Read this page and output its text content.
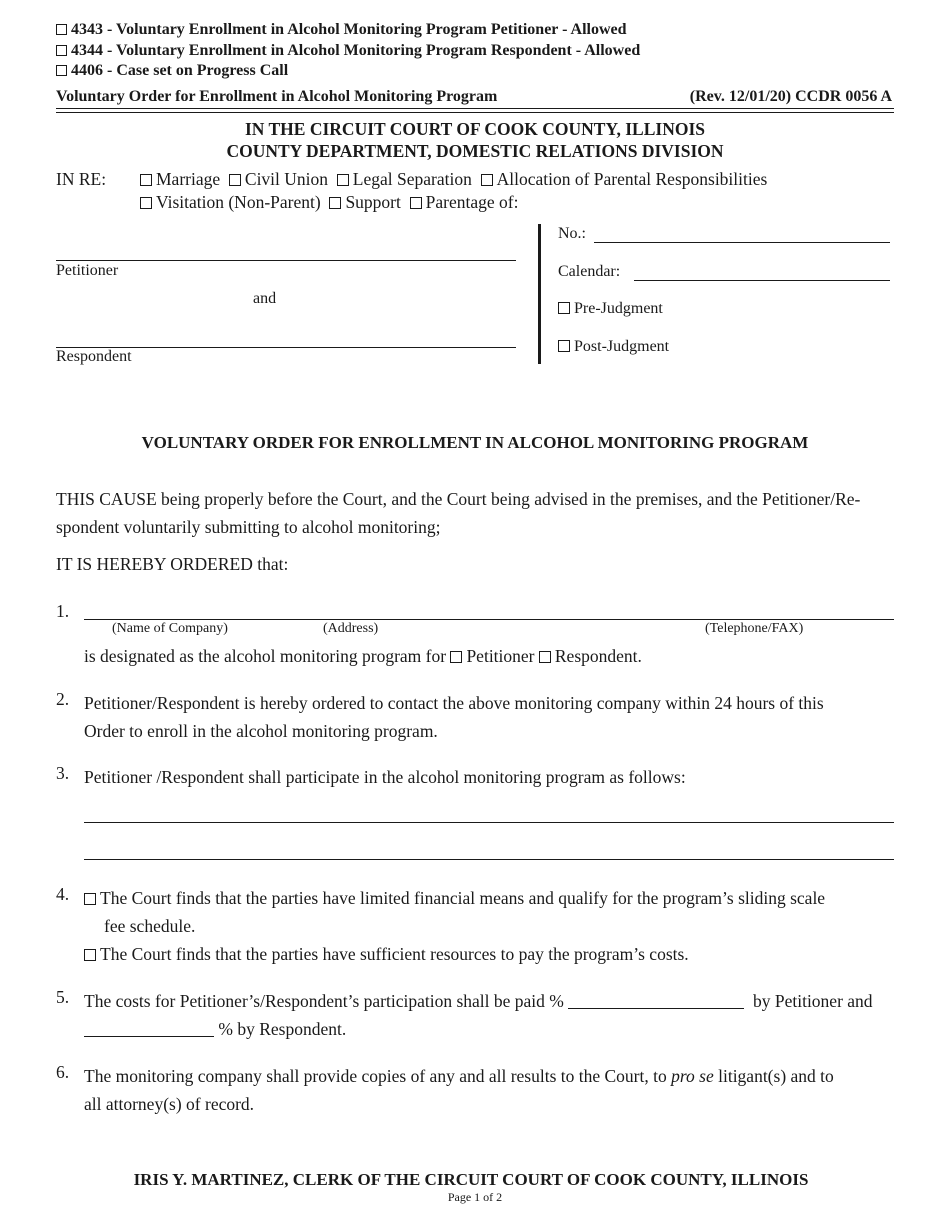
4343 - Voluntary Enrollment in Alcohol Monitoring Program Petitioner - Allowed
4344 - Voluntary Enrollment in Alcohol Monitoring Program Respondent - Allowed
4406 - Case set on Progress Call
Voluntary Order for Enrollment in Alcohol Monitoring Program	(Rev. 12/01/20) CCDR 0056 A
IN THE CIRCUIT COURT OF COOK COUNTY, ILLINOIS
COUNTY DEPARTMENT, DOMESTIC RELATIONS DIVISION
IN RE:	Marriage Civil Union Legal Separation Allocation of Parental Responsibilities
Visitation (Non-Parent) Support Parentage of:
Petitioner
and
Respondent
No.:
Calendar:
Pre-Judgment
Post-Judgment
VOLUNTARY ORDER FOR ENROLLMENT IN ALCOHOL MONITORING PROGRAM
THIS CAUSE being properly before the Court, and the Court being advised in the premises, and the Petitioner/Re-
spondent voluntarily submitting to alcohol monitoring;
IT IS HEREBY ORDERED that:
1.
(Name of Company)	(Address)	(Telephone/FAX)
is designated as the alcohol monitoring program for Petitioner Respondent.
2. Petitioner/Respondent is hereby ordered to contact the above monitoring company within 24 hours of this
Order to enroll in the alcohol monitoring program.
3. Petitioner /Respondent shall participate in the alcohol monitoring program as follows:
4.	The Court finds that the parties have limited financial means and qualify for the program’s sliding scale
fee schedule.
The Court finds that the parties have sufficient resources to pay the program’s costs.
5. The costs for Petitioner’s/Respondent’s participation shall be paid %	by Petitioner and
% by Respondent.
6. The monitoring company shall provide copies of any and all results to the Court, to pro se litigant(s) and to
all attorney(s) of record.
IRIS Y. MARTINEZ, CLERK OF THE CIRCUIT COURT OF COOK COUNTY, ILLINOIS
Page 1 of 2
